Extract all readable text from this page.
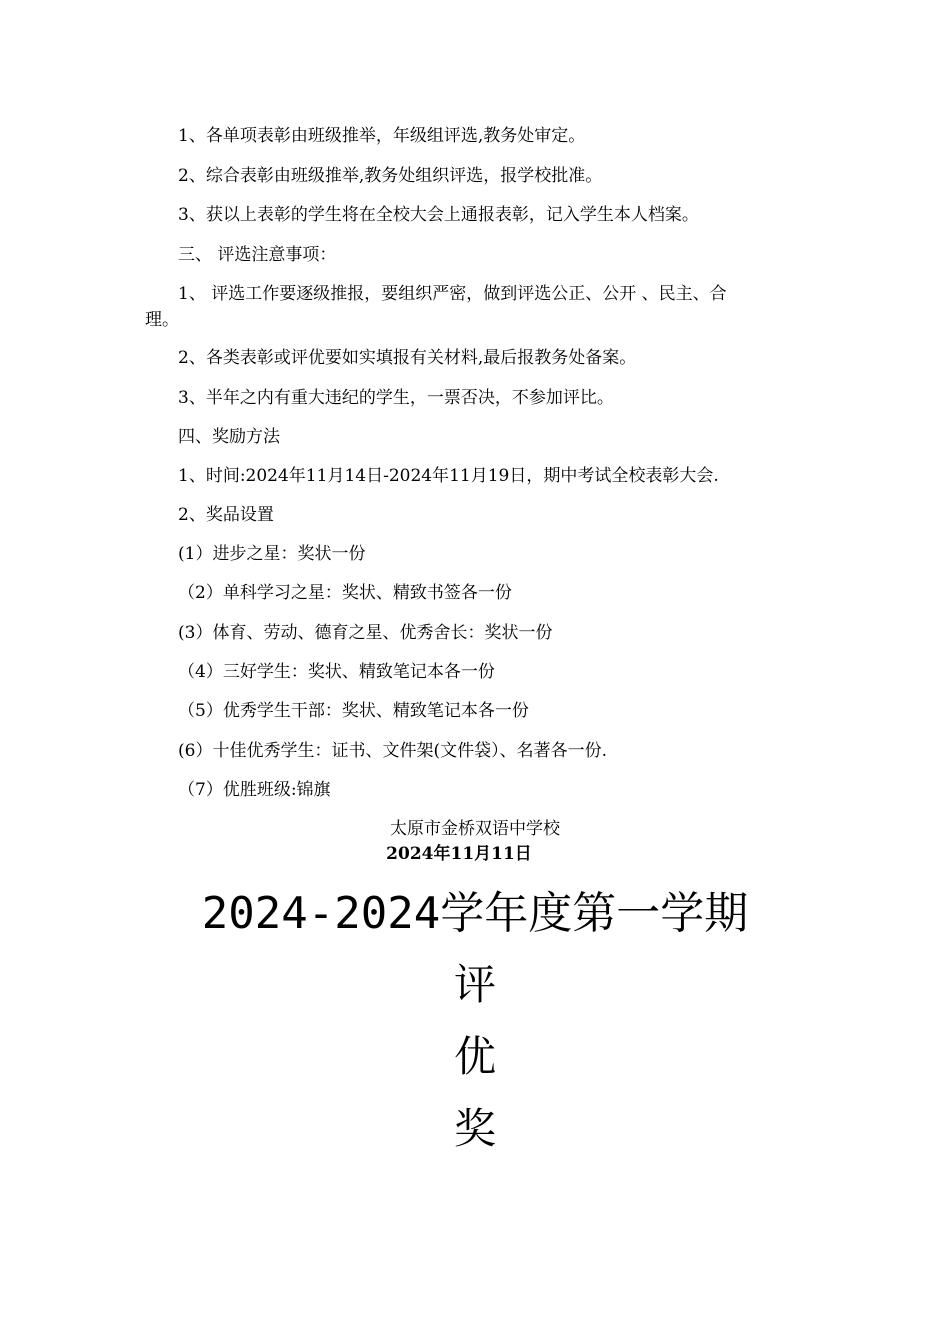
1、各单项表彰由班级推举，年级组评选,教务处审定。
2、综合表彰由班级推举,教务处组织评选，报学校批准。
3、获以上表彰的学生将在全校大会上通报表彰，记入学生本人档案。
三、 评选注意事项：
1、 评选工作要逐级推报，要组织严密，做到评选公正、公开 、民主、合
理。
2、各类表彰或评优要如实填报有关材料,最后报教务处备案。
3、半年之内有重大违纪的学生，一票否决，不参加评比。
四、奖励方法
1、时间:2024年11月14日-2024年11月19日，期中考试全校表彰大会.
2、奖品设置
(1）进步之星：奖状一份
（2）单科学习之星：奖状、精致书签各一份
(3）体育、劳动、德育之星、优秀舍长：奖状一份
（4）三好学生：奖状、精致笔记本各一份
（5）优秀学生干部：奖状、精致笔记本各一份
(6）十佳优秀学生：证书、文件架(文件袋）、名著各一份.
（7）优胜班级:锦旗
太原市金桥双语中学校
2024年11月11日
2024-2024学年度第一学期
评
优
奖
